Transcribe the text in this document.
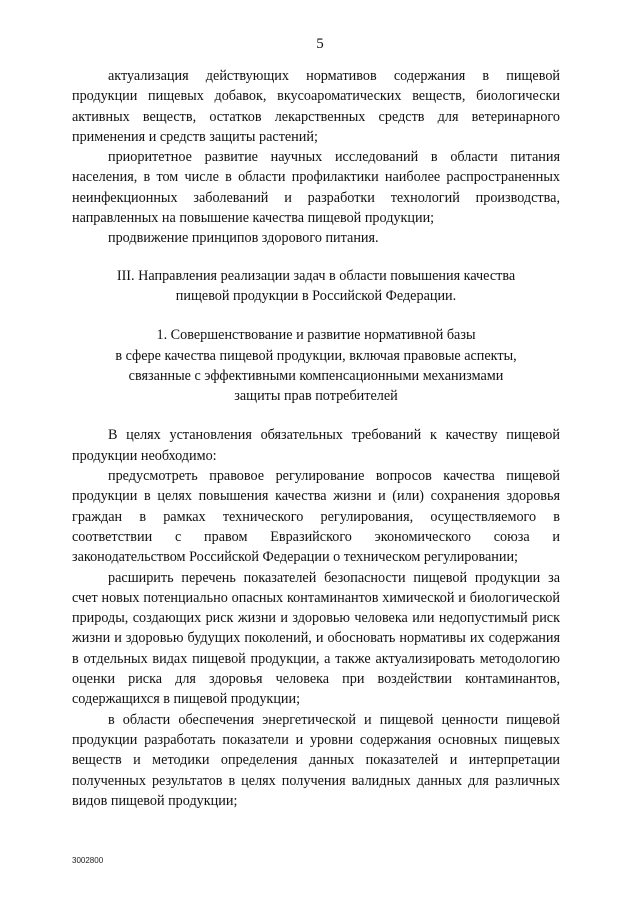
5

актуализация действующих нормативов содержания в пищевой продукции пищевых добавок, вкусоароматических веществ, биологически активных веществ, остатков лекарственных средств для ветеринарного применения и средств защиты растений;

приоритетное развитие научных исследований в области питания населения, в том числе в области профилактики наиболее распространенных неинфекционных заболеваний и разработки технологий производства, направленных на повышение качества пищевой продукции;

продвижение принципов здорового питания.

III. Направления реализации задач в области повышения качества
пищевой продукции в Российской Федерации.
1. Совершенствование и развитие нормативной базы
в сфере качества пищевой продукции, включая правовые аспекты,
связанные с эффективными компенсационными механизмами
защиты прав потребителей

В целях установления обязательных требований к качеству пищевой продукции необходимо:

предусмотреть правовое регулирование вопросов качества пищевой продукции в целях повышения качества жизни и (или) сохранения здоровья граждан в рамках технического регулирования, осуществляемого в соответствии с правом Евразийского экономического союза и законодательством Российской Федерации о техническом регулировании;

расширить перечень показателей безопасности пищевой продукции за счет новых потенциально опасных контаминантов химической и биологической природы, создающих риск жизни и здоровью человека или недопустимый риск жизни и здоровью будущих поколений, и обосновать нормативы их содержания в отдельных видах пищевой продукции, а также актуализировать методологию оценки риска для здоровья человека при воздействии контаминантов, содержащихся в пищевой продукции;

в области обеспечения энергетической и пищевой ценности пищевой продукции разработать показатели и уровни содержания основных пищевых веществ и методики определения данных показателей и интерпретации полученных результатов в целях получения валидных данных для различных видов пищевой продукции;

3002800
